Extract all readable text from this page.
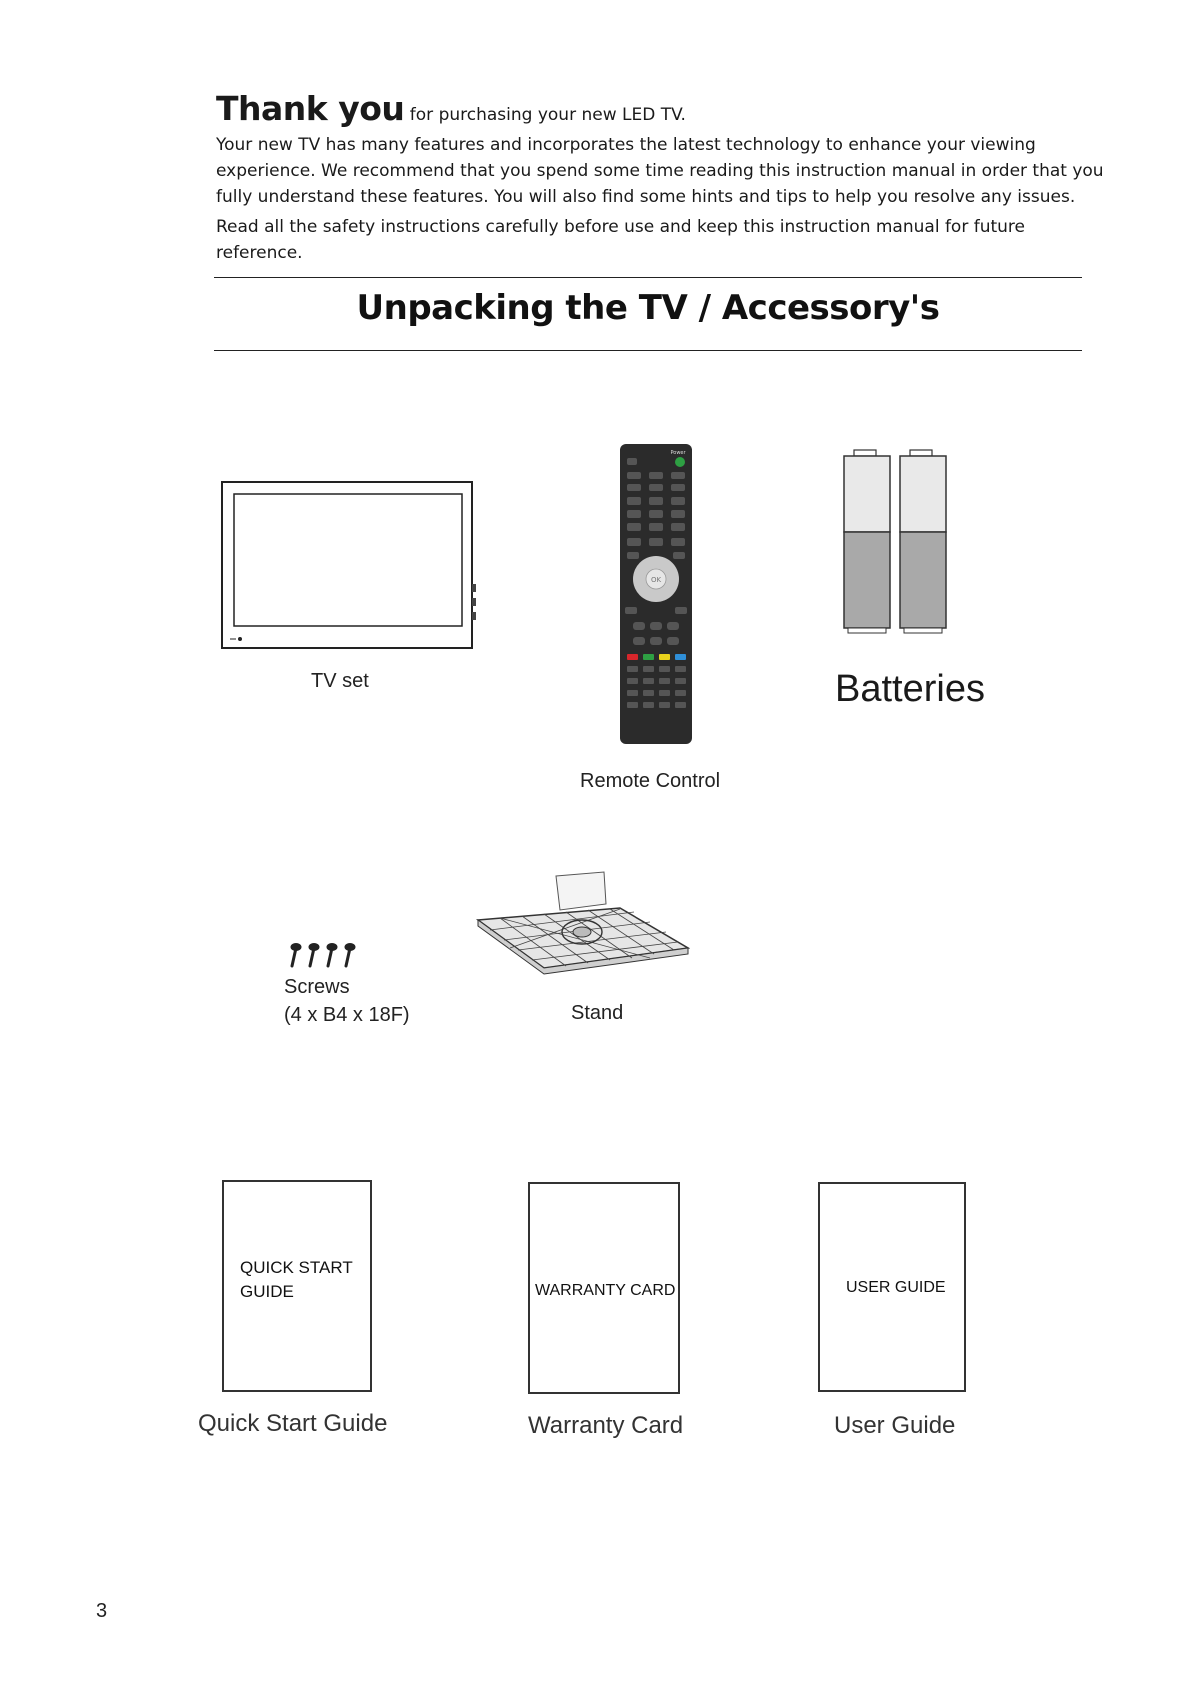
Thank you for purchasing your new LED TV.

Your new TV has many features and incorporates the latest technology to enhance your viewing

experience. We recommend that you spend some time reading this instruction manual in order that you

fully understand these features. You will also find some hints and tips to help you resolve any issues.

Read all the safety instructions carefully before use and keep this instruction manual for future reference.

Unpacking the TV / Accessory's
TV set
Power
OK
Remote Control
Batteries
Screws
(4 x B4 x 18F)	Stand
QUICK START
GUIDE
Quick Start Guide
WARRANTY CARD
Warranty Card
USER GUIDE
User Guide
3
